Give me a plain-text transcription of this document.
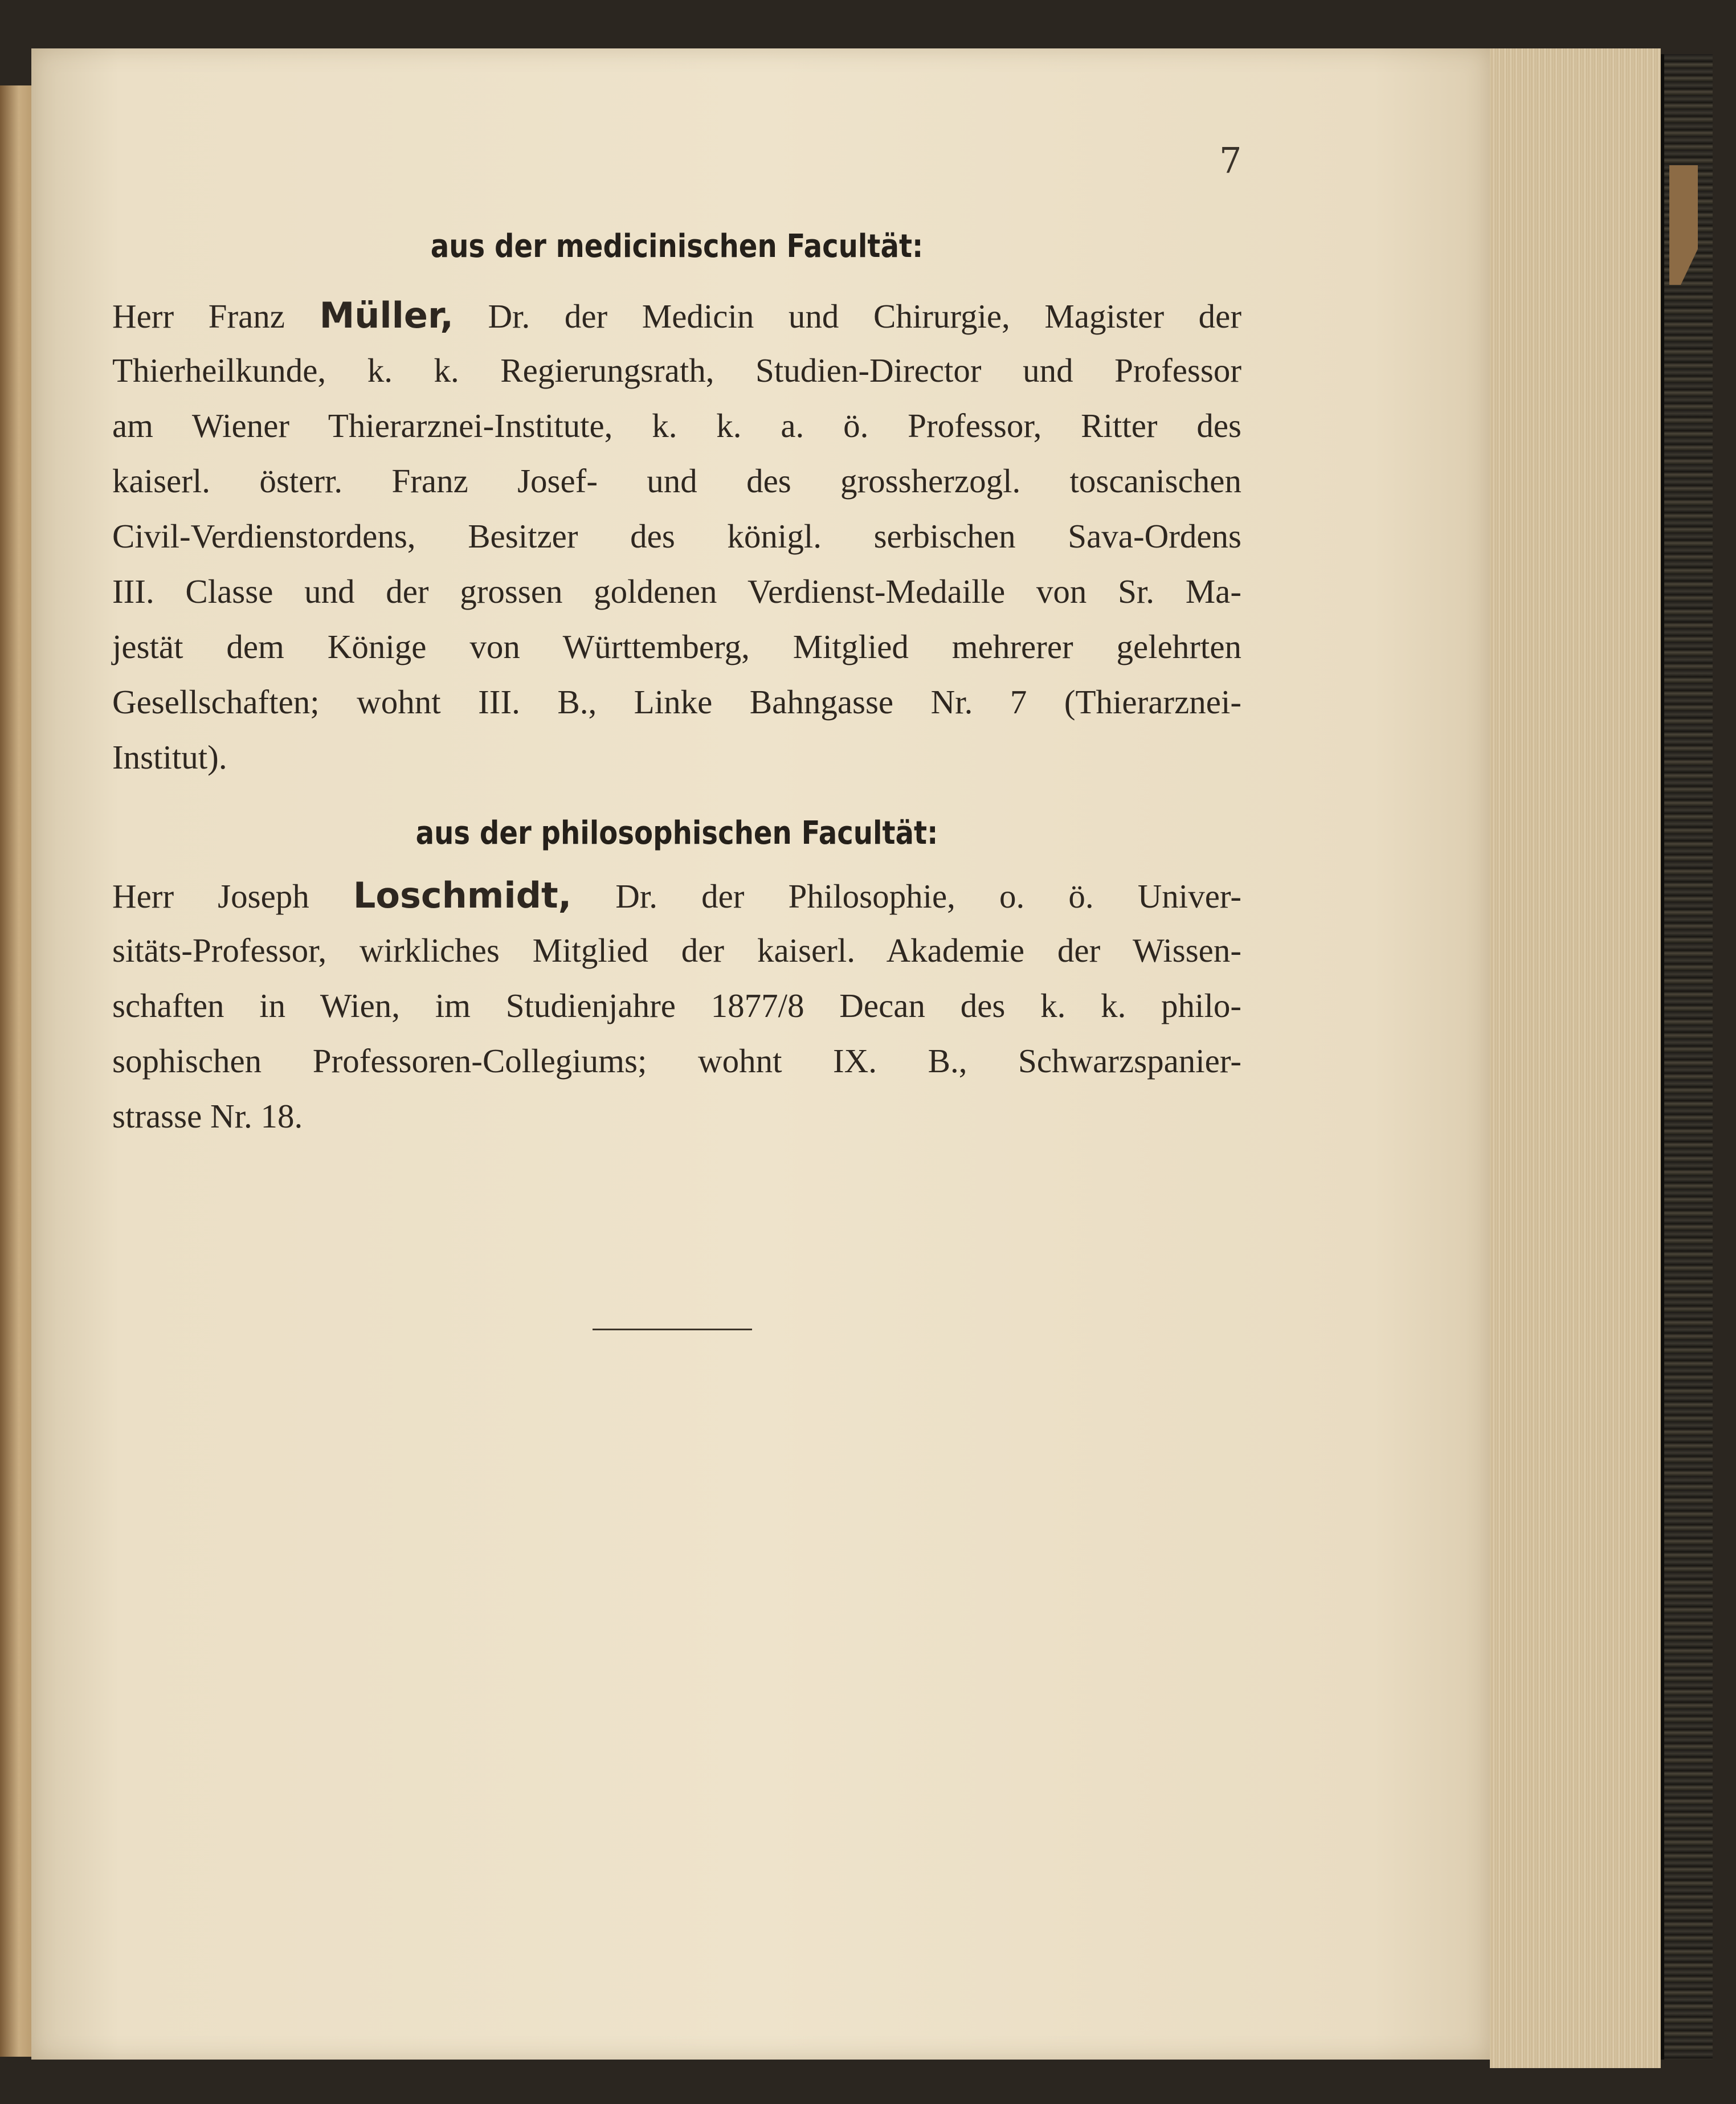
7
aus der medicinischen Facultät:
Herr Franz Müller, Dr. der Medicin und Chirurgie, Magister der
Thierheilkunde, k. k. Regierungsrath, Studien-Director und Professor
am Wiener Thierarznei-Institute, k. k. a. ö. Professor, Ritter des
kaiserl. österr. Franz Josef- und des grossherzogl. toscanischen
Civil-Verdienstordens, Besitzer des königl. serbischen Sava-Ordens
III. Classe und der grossen goldenen Verdienst-Medaille von Sr. Ma-
jestät dem Könige von Württemberg, Mitglied mehrerer gelehrten
Gesellschaften; wohnt III. B., Linke Bahngasse Nr. 7 (Thierarznei-
Institut).
aus der philosophischen Facultät:
Herr Joseph Loschmidt, Dr. der Philosophie, o. ö. Univer-
sitäts-Professor, wirkliches Mitglied der kaiserl. Akademie der Wissen-
schaften in Wien, im Studienjahre 1877/8 Decan des k. k. philo-
sophischen Professoren-Collegiums; wohnt IX. B., Schwarzspanier-
strasse Nr. 18.
